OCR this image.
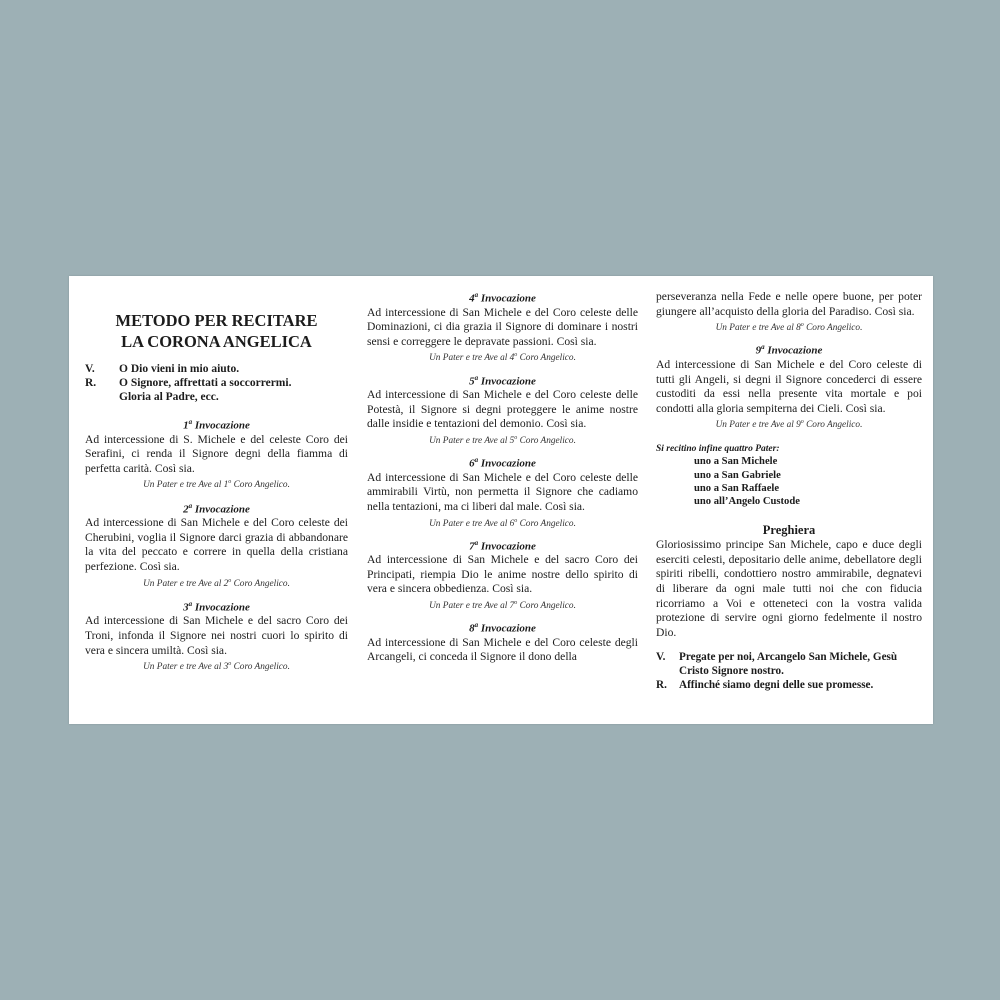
METODO PER RECITARE
LA CORONA ANGELICA
V.	O Dio vieni in mio aiuto.
R.	O Signore, affrettati a soccorrermi.
Gloria al Padre, ecc.

1$^a$ Invocazione

Ad intercessione di S. Michele e del celeste Coro dei Serafini, ci renda il Signore degni della fiamma di perfetta carità. Così sia.

Un Pater e tre Ave al 1$^o$ Coro Angelico.

2$^a$ Invocazione

Ad intercessione di San Michele e del Coro celeste dei Cherubini, voglia il Signore darci grazia di abbandonare la vita del peccato e correre in quella della cristiana perfezione. Così sia.

Un Pater e tre Ave al 2$^o$ Coro Angelico.

3$^a$ Invocazione

Ad intercessione di San Michele e del sacro Coro dei Troni, infonda il Signore nei nostri cuori lo spirito di vera e sincera umiltà. Così sia.

Un Pater e tre Ave al 3$^o$ Coro Angelico.

4$^a$ Invocazione

Ad intercessione di San Michele e del Coro celeste delle Dominazioni, ci dia grazia il Signore di dominare i nostri sensi e correggere le depravate passioni. Così sia.

Un Pater e tre Ave al 4$^o$ Coro Angelico.

5$^a$ Invocazione

Ad intercessione di San Michele e del Coro celeste delle Potestà, il Signore si degni proteggere le anime nostre dalle insidie e tentazioni del demonio. Così sia.

Un Pater e tre Ave al 5$^o$ Coro Angelico.

6$^a$ Invocazione

Ad intercessione di San Michele e del Coro celeste delle ammirabili Virtù, non permetta il Signore che cadiamo nella tentazioni, ma ci liberi dal male. Così sia.

Un Pater e tre Ave al 6$^o$ Coro Angelico.

7$^a$ Invocazione

Ad intercessione di San Michele e del sacro Coro dei Principati, riempia Dio le anime nostre dello spirito di vera e sincera obbedienza. Così sia.

Un Pater e tre Ave al 7$^o$ Coro Angelico.

8$^a$ Invocazione

Ad intercessione di San Michele e del Coro celeste degli Arcangeli, ci conceda il Signore il dono della

perseveranza nella Fede e nelle opere buone, per poter giungere all’acquisto della gloria del Paradiso. Così sia.

Un Pater e tre Ave al 8$^o$ Coro Angelico.

9$^a$ Invocazione

Ad intercessione di San Michele e del Coro celeste di tutti gli Angeli, si degni il Signore concederci di essere custoditi da essi nella presente vita mortale e poi condotti alla gloria sempiterna dei Cieli. Così sia.

Un Pater e tre Ave al 9$^o$ Coro Angelico.

Si recitino infine quattro Pater:
uno a San Michele
uno a San Gabriele
uno a San Raffaele
uno all’Angelo Custode
Preghiera

Gloriosissimo principe San Michele, capo e duce degli eserciti celesti, depositario delle anime, debellatore degli spiriti ribelli, condottiero nostro ammirabile, degnatevi di liberare da ogni male tutti noi che con fiducia ricorriamo a Voi e otteneteci con la vostra valida protezione di servire ogni giorno fedelmente il nostro Dio.

V.	Pregate per noi, Arcangelo San Michele, Gesù Cristo Signore nostro.
R.	Affinché siamo degni delle sue promesse.
